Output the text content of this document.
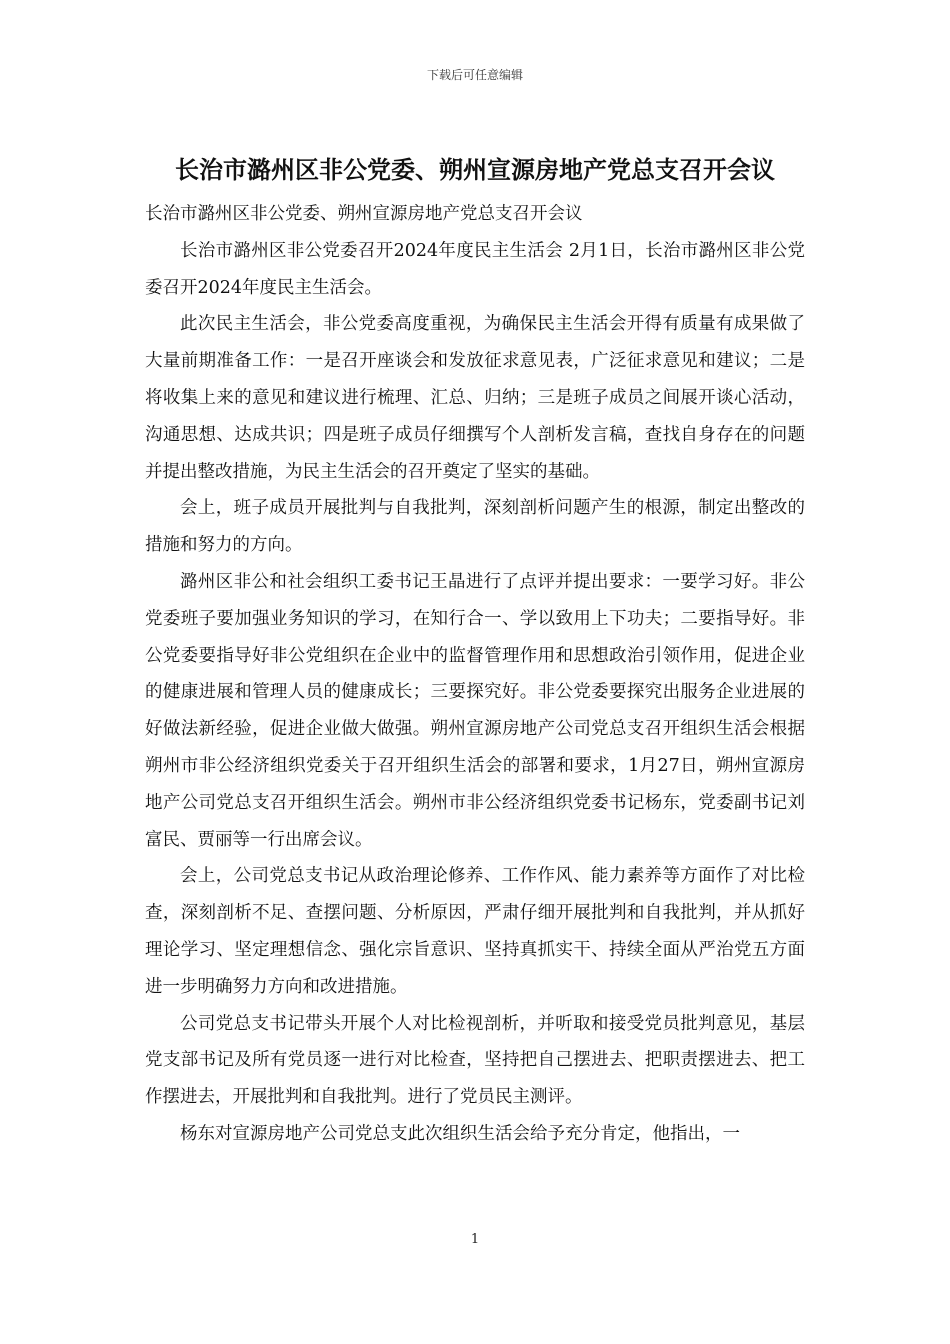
下载后可任意编辑
长治市潞州区非公党委、朔州宣源房地产党总支召开会议

长治市潞州区非公党委、朔州宣源房地产党总支召开会议

长治市潞州区非公党委召开2024年度民主生活会 2月1日，长治市潞州区非公党委召开2024年度民主生活会。

此次民主生活会，非公党委高度重视，为确保民主生活会开得有质量有成果做了大量前期准备工作：一是召开座谈会和发放征求意见表，广泛征求意见和建议；二是将收集上来的意见和建议进行梳理、汇总、归纳；三是班子成员之间展开谈心活动，沟通思想、达成共识；四是班子成员仔细撰写个人剖析发言稿，查找自身存在的问题并提出整改措施，为民主生活会的召开奠定了坚实的基础。

会上，班子成员开展批判与自我批判，深刻剖析问题产生的根源，制定出整改的措施和努力的方向。

潞州区非公和社会组织工委书记王晶进行了点评并提出要求：一要学习好。非公党委班子要加强业务知识的学习，在知行合一、学以致用上下功夫；二要指导好。非公党委要指导好非公党组织在企业中的监督管理作用和思想政治引领作用，促进企业的健康进展和管理人员的健康成长；三要探究好。非公党委要探究出服务企业进展的好做法新经验，促进企业做大做强。朔州宣源房地产公司党总支召开组织生活会根据朔州市非公经济组织党委关于召开组织生活会的部署和要求，1月27日，朔州宣源房地产公司党总支召开组织生活会。朔州市非公经济组织党委书记杨东，党委副书记刘富民、贾丽等一行出席会议。

会上，公司党总支书记从政治理论修养、工作作风、能力素养等方面作了对比检查，深刻剖析不足、查摆问题、分析原因，严肃仔细开展批判和自我批判，并从抓好理论学习、坚定理想信念、强化宗旨意识、坚持真抓实干、持续全面从严治党五方面进一步明确努力方向和改进措施。

公司党总支书记带头开展个人对比检视剖析，并听取和接受党员批判意见，基层党支部书记及所有党员逐一进行对比检查，坚持把自己摆进去、把职责摆进去、把工作摆进去，开展批判和自我批判。进行了党员民主测评。

杨东对宣源房地产公司党总支此次组织生活会给予充分肯定，他指出，一

1
